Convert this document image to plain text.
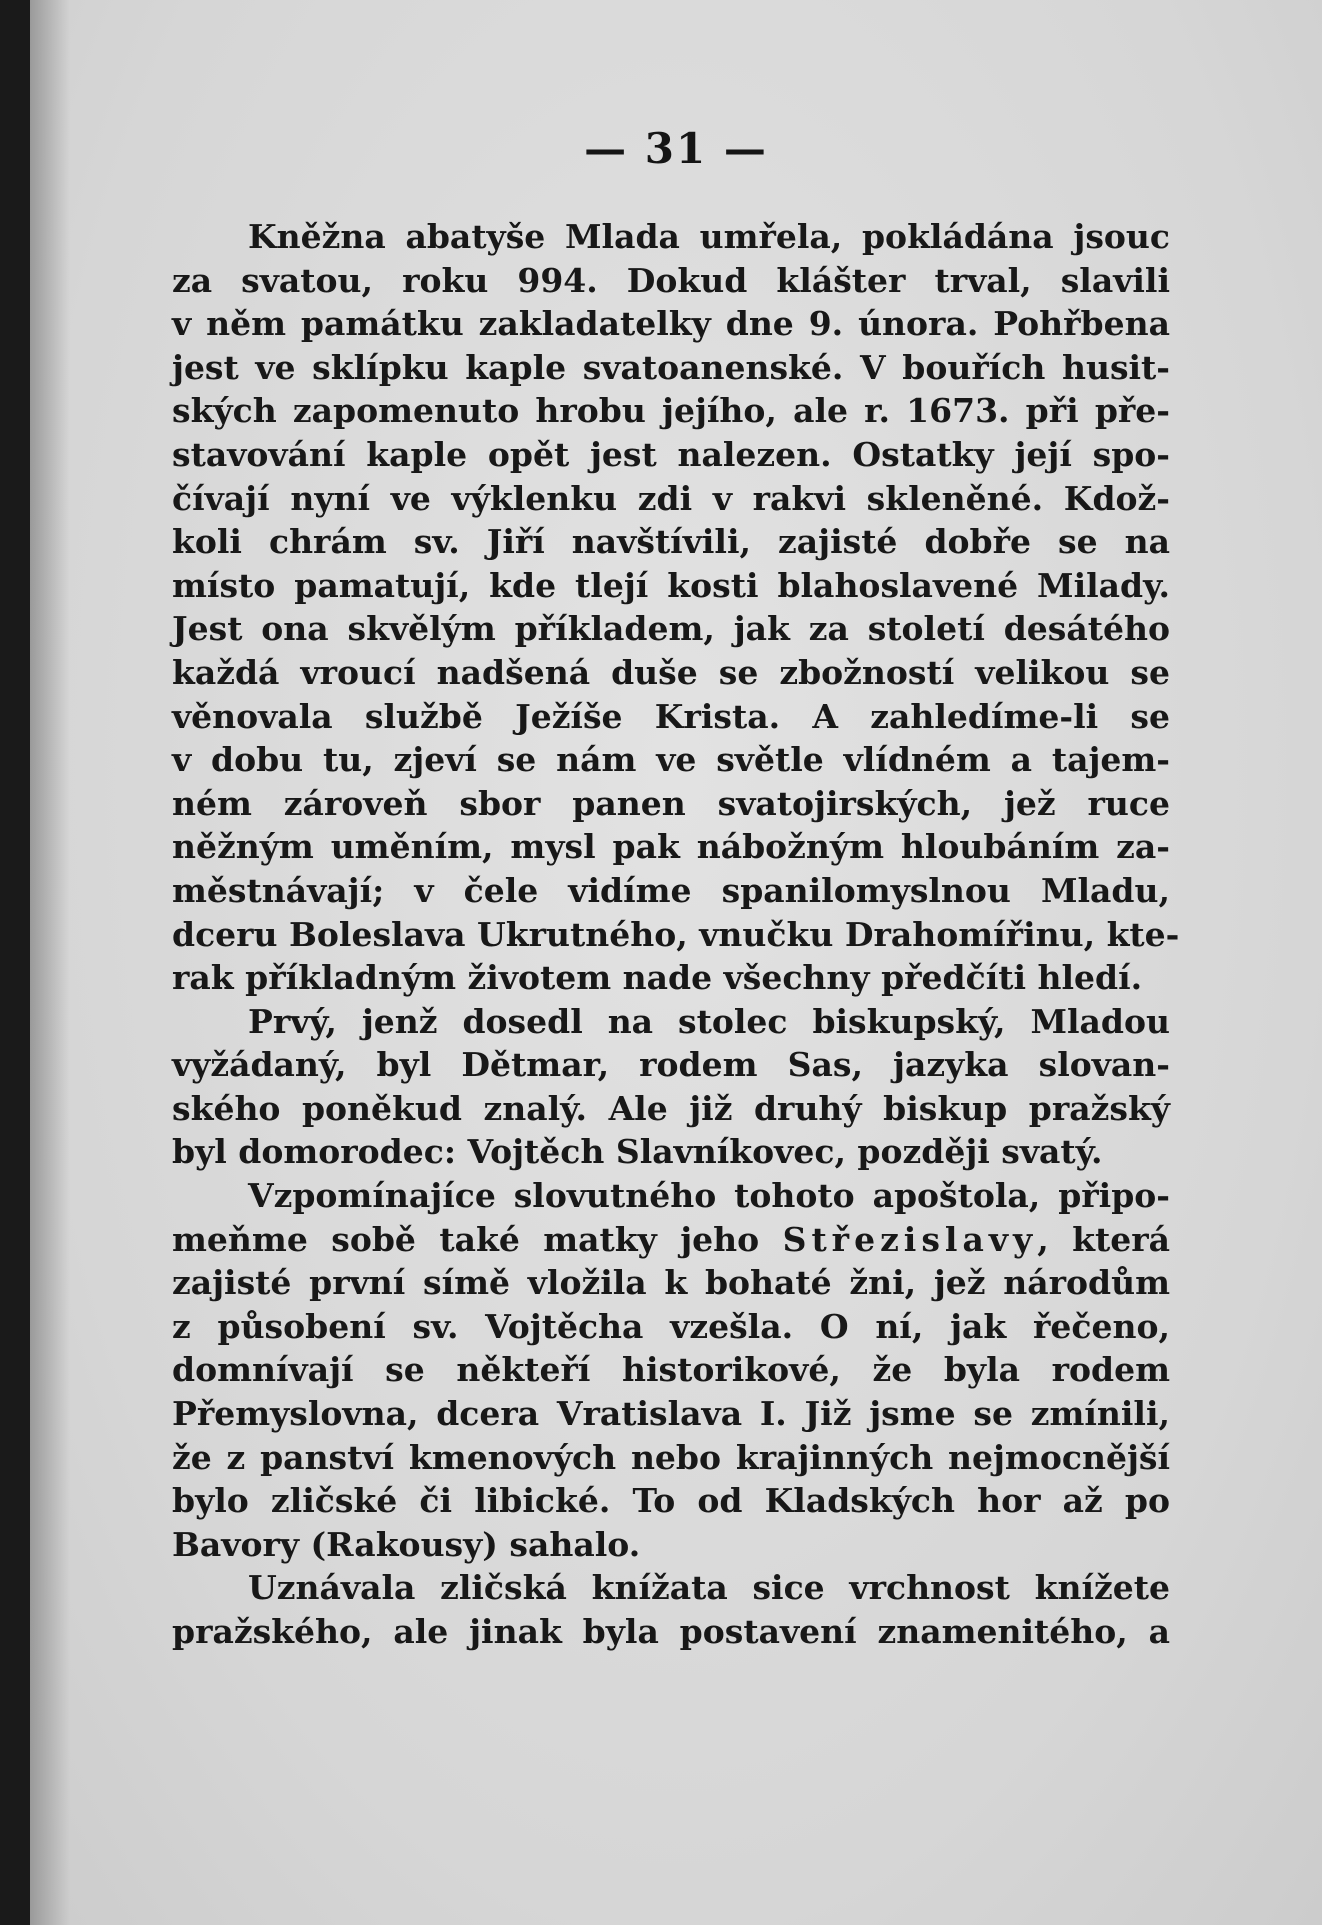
— 31 —
Kněžna abatyše Mlada umřela, pokládána jsouc
za svatou, roku 994. Dokud klášter trval, slavili
v něm památku zakladatelky dne 9. února. Pohřbena
jest ve sklípku kaple svatoanenské. V bouřích husit-
ských zapomenuto hrobu jejího, ale r. 1673. při pře-
stavování kaple opět jest nalezen. Ostatky její spo-
čívají nyní ve výklenku zdi v rakvi skleněné. Kdož-
koli chrám sv. Jiří navštívili, zajisté dobře se na
místo pamatují, kde tlejí kosti blahoslavené Milady.
Jest ona skvělým příkladem, jak za století desátého
každá vroucí nadšená duše se zbožností velikou se
věnovala službě Ježíše Krista. A zahledíme-li se
v dobu tu, zjeví se nám ve světle vlídném a tajem-
ném zároveň sbor panen svatojirských, jež ruce
něžným uměním, mysl pak nábožným hloubáním za-
městnávají; v čele vidíme spanilomyslnou Mladu,
dceru Boleslava Ukrutného, vnučku Drahomířinu, kte-
rak příkladným životem nade všechny předčíti hledí.
Prvý, jenž dosedl na stolec biskupský, Mladou
vyžádaný, byl Dětmar, rodem Sas, jazyka slovan-
ského poněkud znalý. Ale již druhý biskup pražský
byl domorodec: Vojtěch Slavníkovec, později svatý.
Vzpomínajíce slovutného tohoto apoštola, připo-
meňme sobě také matky jeho Střezislavy, která
zajisté první símě vložila k bohaté žni, jež národům
z působení sv. Vojtěcha vzešla. O ní, jak řečeno,
domnívají se někteří historikové, že byla rodem
Přemyslovna, dcera Vratislava I. Již jsme se zmínili,
že z panství kmenových nebo krajinných nejmocnější
bylo zličské či libické. To od Kladských hor až po
Bavory (Rakousy) sahalo.
Uznávala zličská knížata sice vrchnost knížete
pražského, ale jinak byla postavení znamenitého, a
